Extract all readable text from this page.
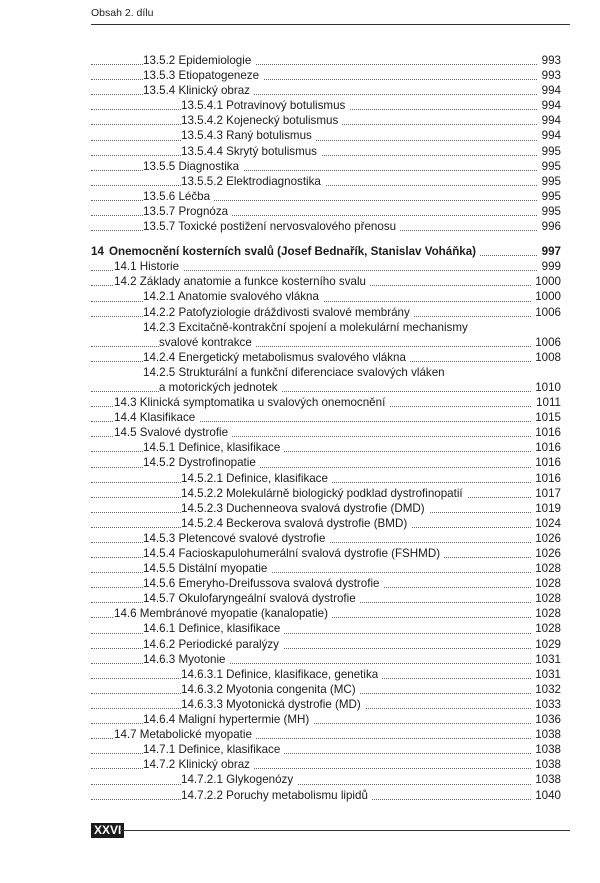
Obsah 2. dílu
13.5.2 Epidemiologie	993
13.5.3 Etiopatogeneze	993
13.5.4 Klinický obraz	994
13.5.4.1 Potravinový botulismus	994
13.5.4.2 Kojenecký botulismus	994
13.5.4.3 Raný botulismus	994
13.5.4.4 Skrytý botulismus	995
13.5.5 Diagnostika	995
13.5.5.2 Elektrodiagnostika	995
13.5.6 Léčba	995
13.5.7 Prognóza	995
13.5.7 Toxické postižení nervosvalového přenosu	996
14 Onemocnění kosterních svalů (Josef Bednařík, Stanislav Voháňka)	997
14.1 Historie	999
14.2 Základy anatomie a funkce kosterního svalu	1000
14.2.1 Anatomie svalového vlákna	1000
14.2.2 Patofyziologie dráždivosti svalové membrány	1006
14.2.3 Excitačně-kontrakční spojení a molekulární mechanismy
svalové kontrakce	1006
14.2.4 Energetický metabolismus svalového vlákna	1008
14.2.5 Strukturální a funkční diferenciace svalových vláken
a motorických jednotek	1010
14.3 Klinická symptomatika u svalových onemocnění	1011
14.4 Klasifikace	1015
14.5 Svalové dystrofie	1016
14.5.1 Definice, klasifikace	1016
14.5.2 Dystrofinopatie	1016
14.5.2.1 Definice, klasifikace	1016
14.5.2.2 Molekulárně biologický podklad dystrofinopatií	1017
14.5.2.3 Duchenneova svalová dystrofie (DMD)	1019
14.5.2.4 Beckerova svalová dystrofie (BMD)	1024
14.5.3 Pletencové svalové dystrofie	1026
14.5.4 Facioskapulohumerální svalová dystrofie (FSHMD)	1026
14.5.5 Distální myopatie	1028
14.5.6 Emeryho-Dreifussova svalová dystrofie	1028
14.5.7 Okulofaryngeální svalová dystrofie	1028
14.6 Membránové myopatie (kanalopatie)	1028
14.6.1 Definice, klasifikace	1028
14.6.2 Periodické paralýzy	1029
14.6.3 Myotonie	1031
14.6.3.1 Definice, klasifikace, genetika	1031
14.6.3.2 Myotonia congenita (MC)	1032
14.6.3.3 Myotonická dystrofie (MD)	1033
14.6.4 Maligní hypertermie (MH)	1036
14.7 Metabolické myopatie	1038
14.7.1 Definice, klasifikace	1038
14.7.2 Klinický obraz	1038
14.7.2.1 Glykogenózy	1038
14.7.2.2 Poruchy metabolismu lipidů	1040
XXVI
